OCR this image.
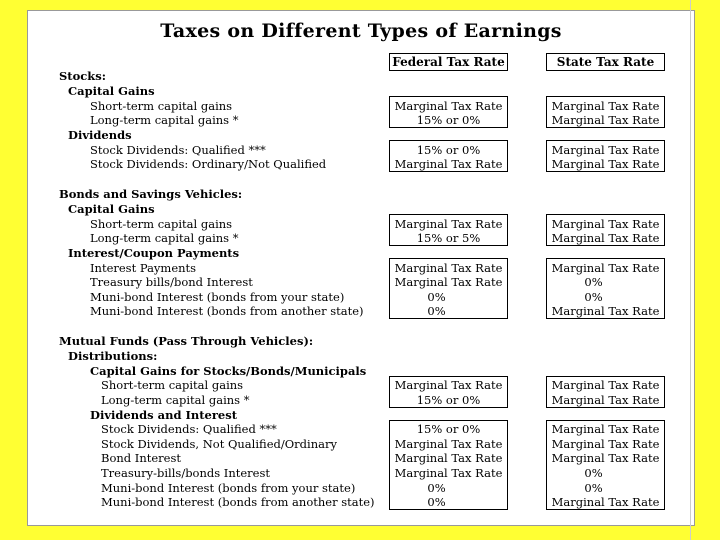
Taxes on Different Types of Earnings
Federal Tax Rate	State Tax Rate
Stocks:
Capital Gains
Short-term capital gains
Long-term capital gains *
Dividends
Stock Dividends: Qualified ***
Stock Dividends: Ordinary/Not Qualified
Marginal Tax Rate
15% or 0%
15% or 0%
Marginal Tax Rate
Marginal Tax Rate
Marginal Tax Rate
Marginal Tax Rate
Marginal Tax Rate
Bonds and Savings Vehicles:
Capital Gains
Short-term capital gains
Long-term capital gains *
Interest/Coupon Payments
Interest Payments
Treasury bills/bond Interest
Muni-bond Interest (bonds from your state)
Muni-bond Interest (bonds from another state)
Marginal Tax Rate
15% or 5%
Marginal Tax Rate
Marginal Tax Rate
0%
0%
Marginal Tax Rate
Marginal Tax Rate
Marginal Tax Rate
0%
0%
Marginal Tax Rate
Mutual Funds (Pass Through Vehicles):
Distributions:
Capital Gains for Stocks/Bonds/Municipals
Short-term capital gains
Long-term capital gains *
Dividends and Interest
Stock Dividends: Qualified ***
Stock Dividends, Not Qualified/Ordinary
Bond Interest
Treasury-bills/bonds Interest
Muni-bond Interest (bonds from your state)
Muni-bond Interest (bonds from another state)
Marginal Tax Rate
15% or 0%
15% or 0%
Marginal Tax Rate
Marginal Tax Rate
Marginal Tax Rate
0%
0%
Marginal Tax Rate
Marginal Tax Rate
Marginal Tax Rate
Marginal Tax Rate
Marginal Tax Rate
0%
0%
Marginal Tax Rate
